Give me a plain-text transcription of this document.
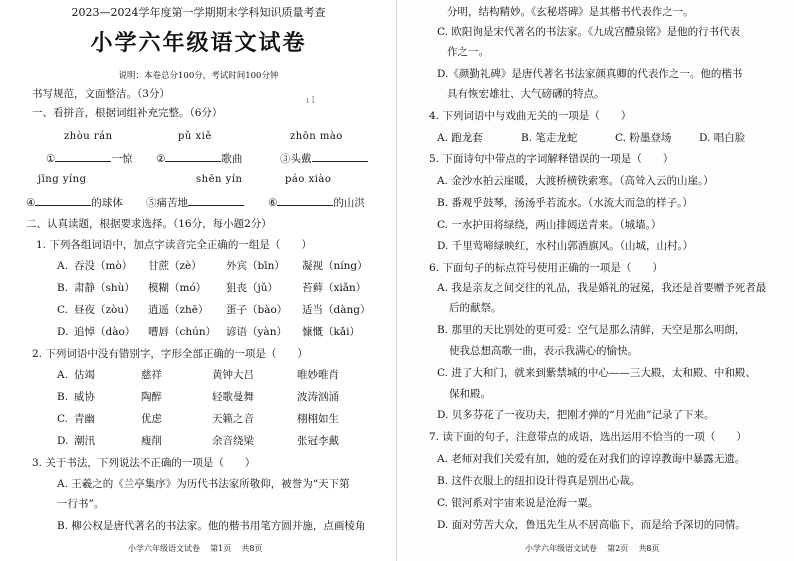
2023—2024学年度第一学期期末学科知识质量考查
小学六年级语文试卷
说明：本卷总分100分，考试时间100分钟
书写规范，文面整洁。（3分）
ı l
一、看拼音，根据词组补充完整。（6分）
zhòu rán	pǔ xiě	zhōn mào
①	一惊 ②	歌曲	③头戴
jīng yíng	shēn yín	páo xiào
④	的球体 ⑤痛苦地	⑥	的山洪
二、认真读题，根据要求选择。（16分，每小题2分）
1. 下列各组词语中，加点字读音完全正确的一组是（　　）
A. 吞没（mò） 甘蔗（zè） 外宾（bīn） 凝视（níng）
B. 肃静（shù） 模糊（mó） 狙丧（jǔ） 苔藓（xiǎn）
C. 昼夜（zòu） 逍遥（zhē） 蛋子（bào） 适当（dàng）
D. 追悼（dào） 嘈唇（chún） 谚语（yàn） 慷慨（kǎi）
2. 下列词语中没有错别字，字形全部正确的一项是（　　）
A. 估竭	慈祥	黄钟大吕	唯妙唯肖
B. 威协	陶醉	轻歌曼舞	波涛汹涌
C. 青幽	优虑	天籁之音	栩栩如生
D. 潮汛	瘦削	余音绕梁	张冠李戴
3. 关于书法，下列说法不正确的一项是（　　）
A. 王羲之的《兰亭集序》为历代书法家所敬仰，被誉为“天下第
一行书”。
B. 柳公权是唐代著名的书法家。他的楷书用笔方圆并施，点画棱角
小学六年级语文试卷 第1页 共8页
分明，结构精妙。《玄秘塔碑》是其楷书代表作之一。
C. 欧阳询是宋代著名的书法家。《九成宫醴泉铭》是他的行书代表
作之一。
D.《颜勤礼碑》是唐代著名书法家颜真卿的代表作之一。他的楷书
具有恢宏雄壮、大气磅礴的特点。
4. 下列词语中与戏曲无关的一项是（　　）
A. 跑龙套	B. 笔走龙蛇	C. 粉墨登场	D. 唱白脸
5. 下面诗句中带点的字词解释错误的一项是（　　）
A. 金沙水拍云崖暖，大渡桥横铁索寒。（高耸入云的山崖。）
B. 番观乎鼓琴，汤汤乎若流水。（水流大而急的样子。）
C. 一水护田将绿绕，两山排闼送青来。（城墙。）
D. 千里莺啼绿映红，水村山郭酒旗风。（山城，山村。）
6. 下面句子的标点符号使用正确的一项是（　　）
A. 我是亲友之间交往的礼品，我是婚礼的冠冕，我还是首要赠予死者最
后的献祭。
B. 那里的天比别处的更可爱：空气是那么清鲜，天空是那么明朗，
使我总想高歌一曲，表示我满心的愉快。
C. 进了大和门，就来到紫禁城的中心——三大殿，太和殿、中和殿、
保和殿。
D. 贝多芬花了一夜功夫，把刚才弹的“月光曲”记录了下来。
7. 读下面的句子，注意带点的成语，选出运用不恰当的一项（　　）
A. 老师对我们关爱有加，她的爱在对我们的谆谆教诲中暴露无遗。
B. 这件衣服上的纽扣设计得真是别出心裁。
C. 银河系对宇宙来说是沧海一粟。
D. 面对劳苦大众，鲁迅先生从不居高临下，而是给予深切的同情。
小学六年级语文试卷 第2页 共8页
